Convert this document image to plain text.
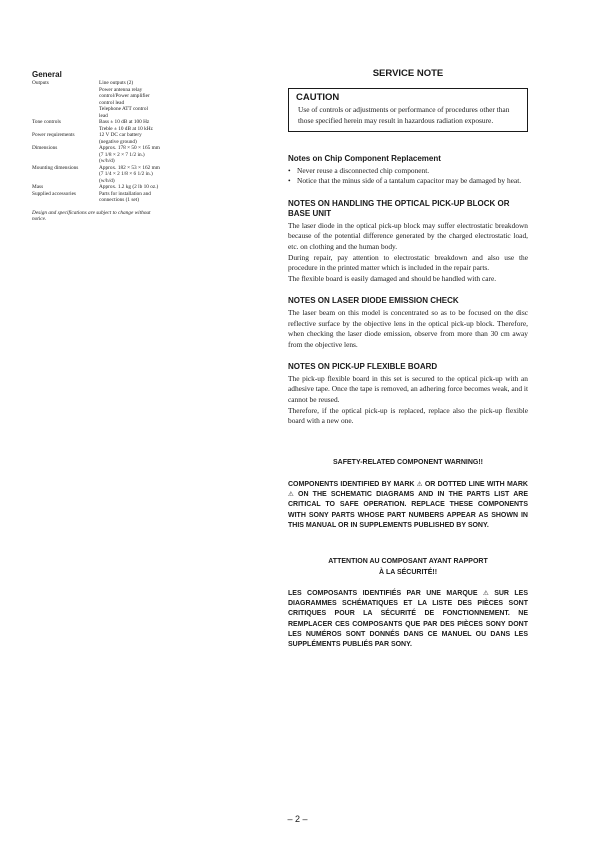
General
Outputs	Line outputs (2)
Power antenna relay
control/Power amplifier
control lead
Telephone ATT control
lead
Tone controls	Bass ± 10 dB at 100 Hz
Treble ± 10 dB at 10 kHz
Power requirements	12 V DC car battery
(negative ground)
Dimensions	Approx. 178 × 50 × 165 mm
(7 1/8 × 2 × 7 1/2 in.)
(w/h/d)
Mounting dimensions	Approx. 182 × 53 × 162 mm
(7 1/4 × 2 1/8 × 6 1/2 in.)
(w/h/d)
Mass	Approx. 1.2 kg (2 lb 10 oz.)
Supplied accessories	Parts for installation and
connections (1 set)
Design and specifications are subject to change without
notice.
SERVICE NOTE
CAUTION
Use of controls or adjustments or performance of procedures other than those specified herein may result in hazardous radiation exposure.
Notes on Chip Component Replacement
• Never reuse a disconnected chip component.
• Notice that the minus side of a tantalum capacitor may be damaged by heat.
NOTES ON HANDLING THE OPTICAL PICK-UP BLOCK OR BASE UNIT
The laser diode in the optical pick-up block may suffer electrostatic breakdown because of the potential difference generated by the charged electrostatic load, etc. on clothing and the human body.
During repair, pay attention to electrostatic breakdown and also use the procedure in the printed matter which is included in the repair parts.
The flexible board is easily damaged and should be handled with care.
NOTES ON LASER DIODE EMISSION CHECK
The laser beam on this model is concentrated so as to be focused on the disc reflective surface by the objective lens in the optical pick-up block. Therefore, when checking the laser diode emission, observe from more than 30 cm away from the objective lens.
NOTES ON PICK-UP FLEXIBLE BOARD
The pick-up flexible board in this set is secured to the optical pick-up with an adhesive tape. Once the tape is removed, an adhering force becomes weak, and it cannot be reused.
Therefore, if the optical pick-up is replaced, replace also the pick-up flexible board with a new one.
SAFETY-RELATED COMPONENT WARNING!!
COMPONENTS IDENTIFIED BY MARK ⚠ OR DOTTED LINE WITH MARK ⚠ ON THE SCHEMATIC DIAGRAMS AND IN THE PARTS LIST ARE CRITICAL TO SAFE OPERATION. REPLACE THESE COMPONENTS WITH SONY PARTS WHOSE PART NUMBERS APPEAR AS SHOWN IN THIS MANUAL OR IN SUPPLEMENTS PUBLISHED BY SONY.
ATTENTION AU COMPOSANT AYANT RAPPORT
À LA SÉCURITÉ!!
LES COMPOSANTS IDENTIFIÉS PAR UNE MARQUE ⚠ SUR LES DIAGRAMMES SCHÉMATIQUES ET LA LISTE DES PIÈCES SONT CRITIQUES POUR LA SÉCURITÉ DE FONCTIONNEMENT. NE REMPLACER CES COMPOSANTS QUE PAR DES PIÈCES SONY DONT LES NUMÉROS SONT DONNÉS DANS CE MANUEL OU DANS LES SUPPLÉMENTS PUBLIÉS PAR SONY.
– 2 –
